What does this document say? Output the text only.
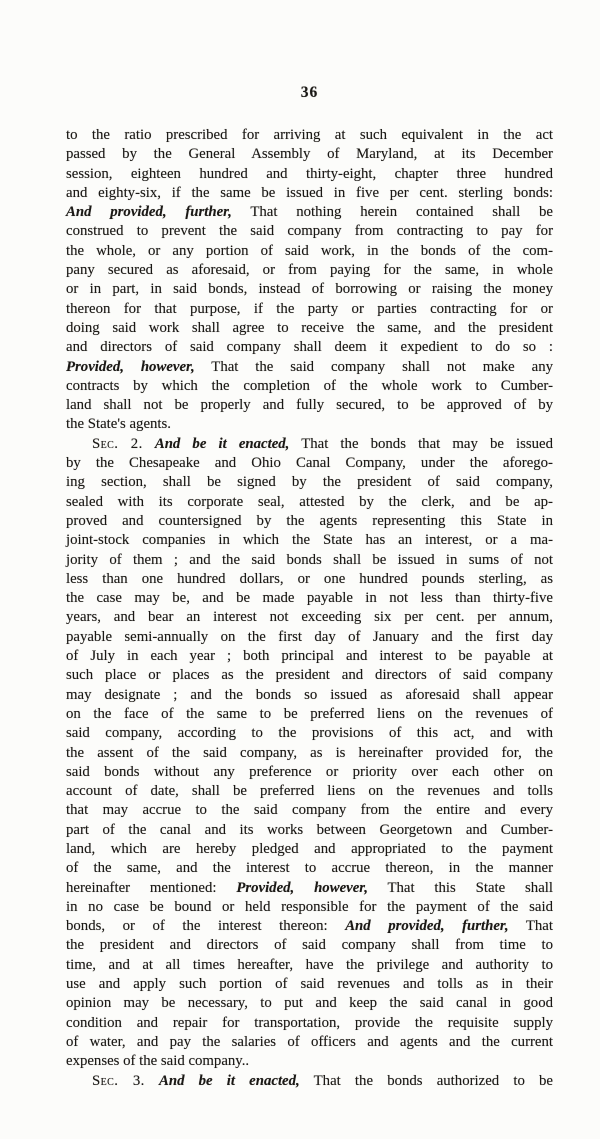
36
to the ratio prescribed for arriving at such equivalent in the act
passed by the General Assembly of Maryland, at its December
session, eighteen hundred and thirty-eight, chapter three hundred
and eighty-six, if the same be issued in five per cent. sterling bonds:
And provided, further, That nothing herein contained shall be
construed to prevent the said company from contracting to pay for
the whole, or any portion of said work, in the bonds of the com-
pany secured as aforesaid, or from paying for the same, in whole
or in part, in said bonds, instead of borrowing or raising the money
thereon for that purpose, if the party or parties contracting for or
doing said work shall agree to receive the same, and the president
and directors of said company shall deem it expedient to do so :
Provided, however, That the said company shall not make any
contracts by which the completion of the whole work to Cumber-
land shall not be properly and fully secured, to be approved of by
the State's agents.
Sec. 2. And be it enacted, That the bonds that may be issued
by the Chesapeake and Ohio Canal Company, under the aforego-
ing section, shall be signed by the president of said company,
sealed with its corporate seal, attested by the clerk, and be ap-
proved and countersigned by the agents representing this State in
joint-stock companies in which the State has an interest, or a ma-
jority of them ; and the said bonds shall be issued in sums of not
less than one hundred dollars, or one hundred pounds sterling, as
the case may be, and be made payable in not less than thirty-five
years, and bear an interest not exceeding six per cent. per annum,
payable semi-annually on the first day of January and the first day
of July in each year ; both principal and interest to be payable at
such place or places as the president and directors of said company
may designate ; and the bonds so issued as aforesaid shall appear
on the face of the same to be preferred liens on the revenues of
said company, according to the provisions of this act, and with
the assent of the said company, as is hereinafter provided for, the
said bonds without any preference or priority over each other on
account of date, shall be preferred liens on the revenues and tolls
that may accrue to the said company from the entire and every
part of the canal and its works between Georgetown and Cumber-
land, which are hereby pledged and appropriated to the payment
of the same, and the interest to accrue thereon, in the manner
hereinafter mentioned: Provided, however, That this State shall
in no case be bound or held responsible for the payment of the said
bonds, or of the interest thereon: And provided, further, That
the president and directors of said company shall from time to
time, and at all times hereafter, have the privilege and authority to
use and apply such portion of said revenues and tolls as in their
opinion may be necessary, to put and keep the said canal in good
condition and repair for transportation, provide the requisite supply
of water, and pay the salaries of officers and agents and the current
expenses of the said company..
Sec. 3. And be it enacted, That the bonds authorized to be
